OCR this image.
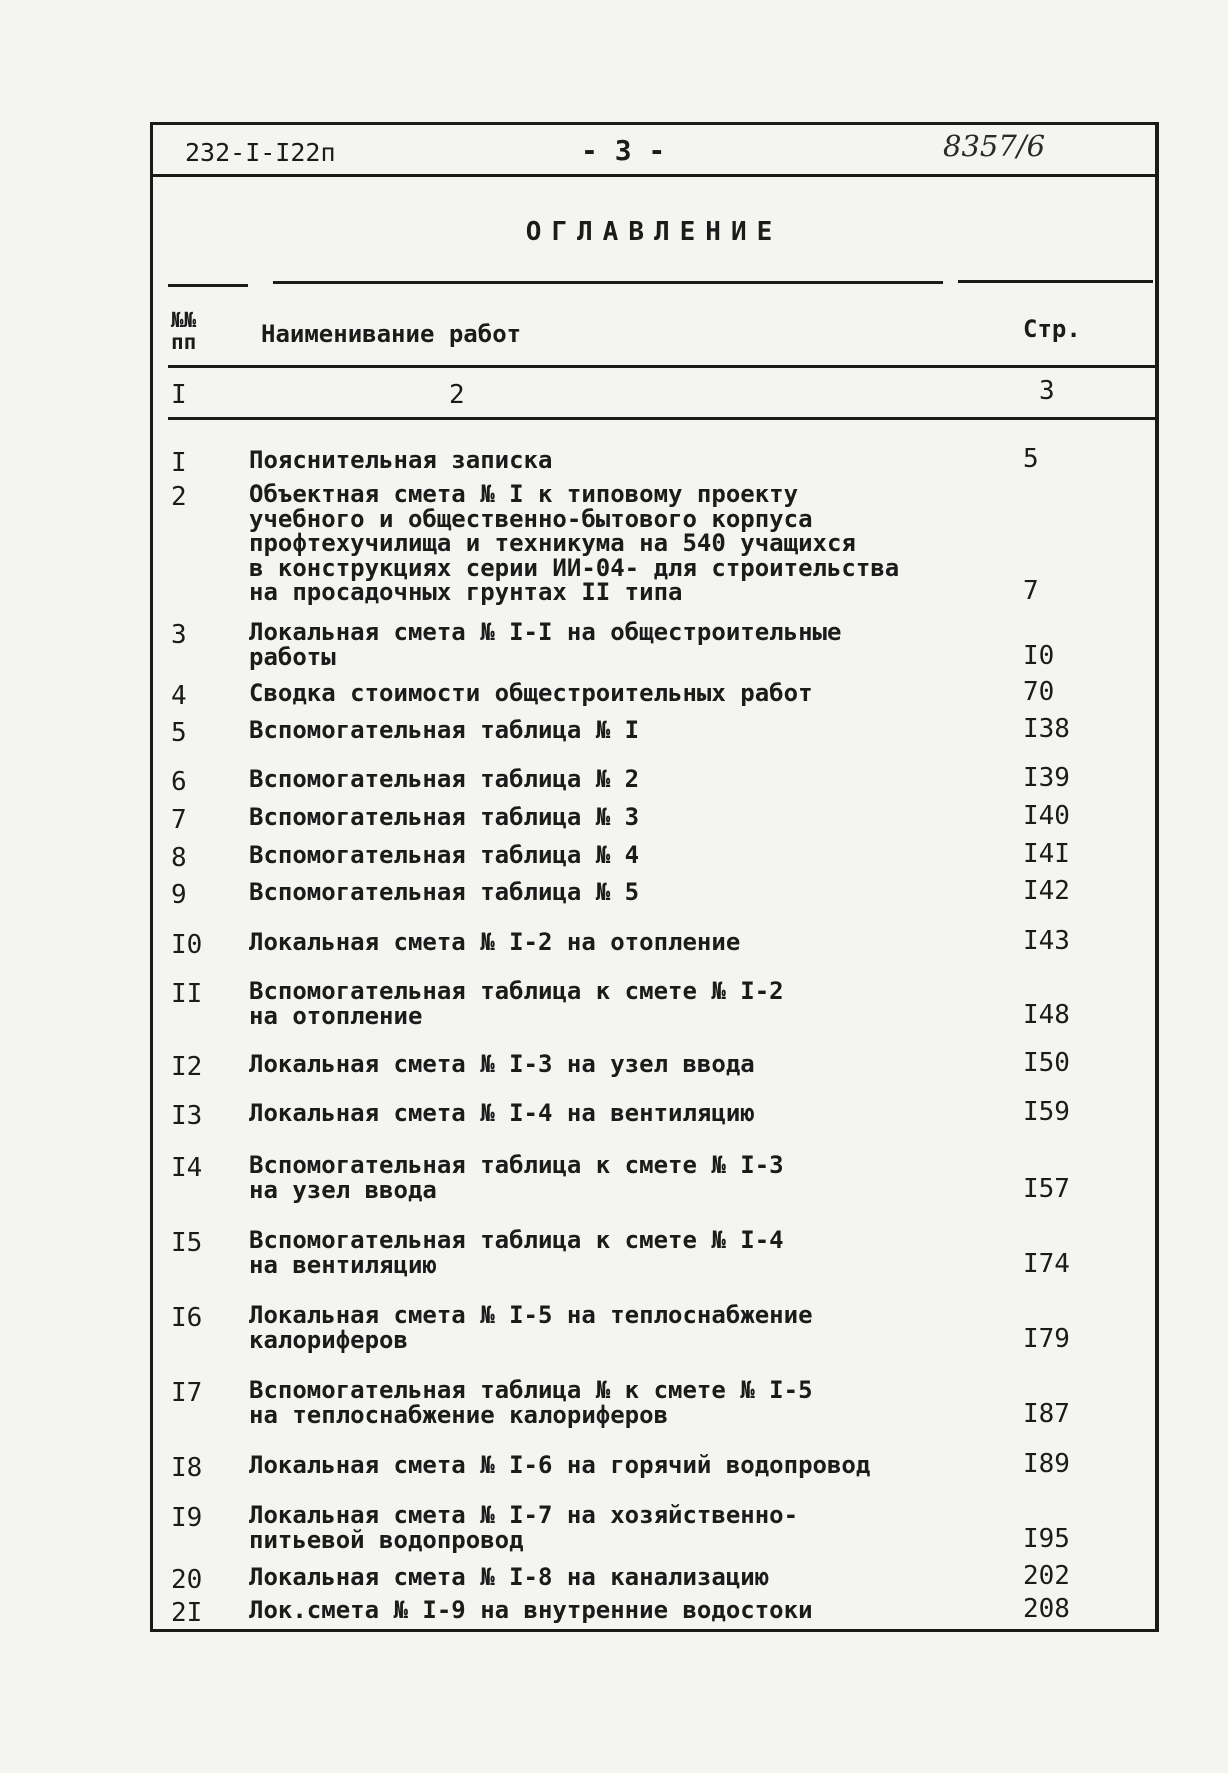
232-I-I22п	- 3 -	8357/6
ОГЛАВЛЕНИЕ
№№
пп	Наименивание работ	Стр.
I	2	3
I	Пояснительная записка	5
2	Объектная смета № I к типовому проекту
учебного и общественно-бытового корпуса
профтехучилища и техникума на 540 учащихся
в конструкциях серии ИИ-04- для строительства
на просадочных грунтах II типа	7
3	Локальная смета № I-I на общестроительные
работы	I0
4	Сводка стоимости общестроительных работ	70
5	Вспомогательная таблица № I	I38
6	Вспомогательная таблица № 2	I39
7	Вспомогательная таблица № 3	I40
8	Вспомогательная таблица № 4	I4I
9	Вспомогательная таблица № 5	I42
I0 Локальная смета № I-2 на отопление	I43
II Вспомогательная таблица к смете № I-2
на отопление	I48
I2 Локальная смета № I-3 на узел ввода	I50
I3 Локальная смета № I-4 на вентиляцию	I59
I4 Вспомогательная таблица к смете № I-3
на узел ввода	I57
I5 Вспомогательная таблица к смете № I-4
на вентиляцию	I74
I6 Локальная смета № I-5 на теплоснабжение
калориферов	I79
I7 Вспомогательная таблица № к смете № I-5
на теплоснабжение калориферов	I87
I8 Локальная смета № I-6 на горячий водопровод	I89
I9 Локальная смета № I-7 на хозяйственно-
питьевой водопровод	I95
20 Локальная смета № I-8 на канализацию	202
2I Лок.смета № I-9 на внутренние водостоки	208
